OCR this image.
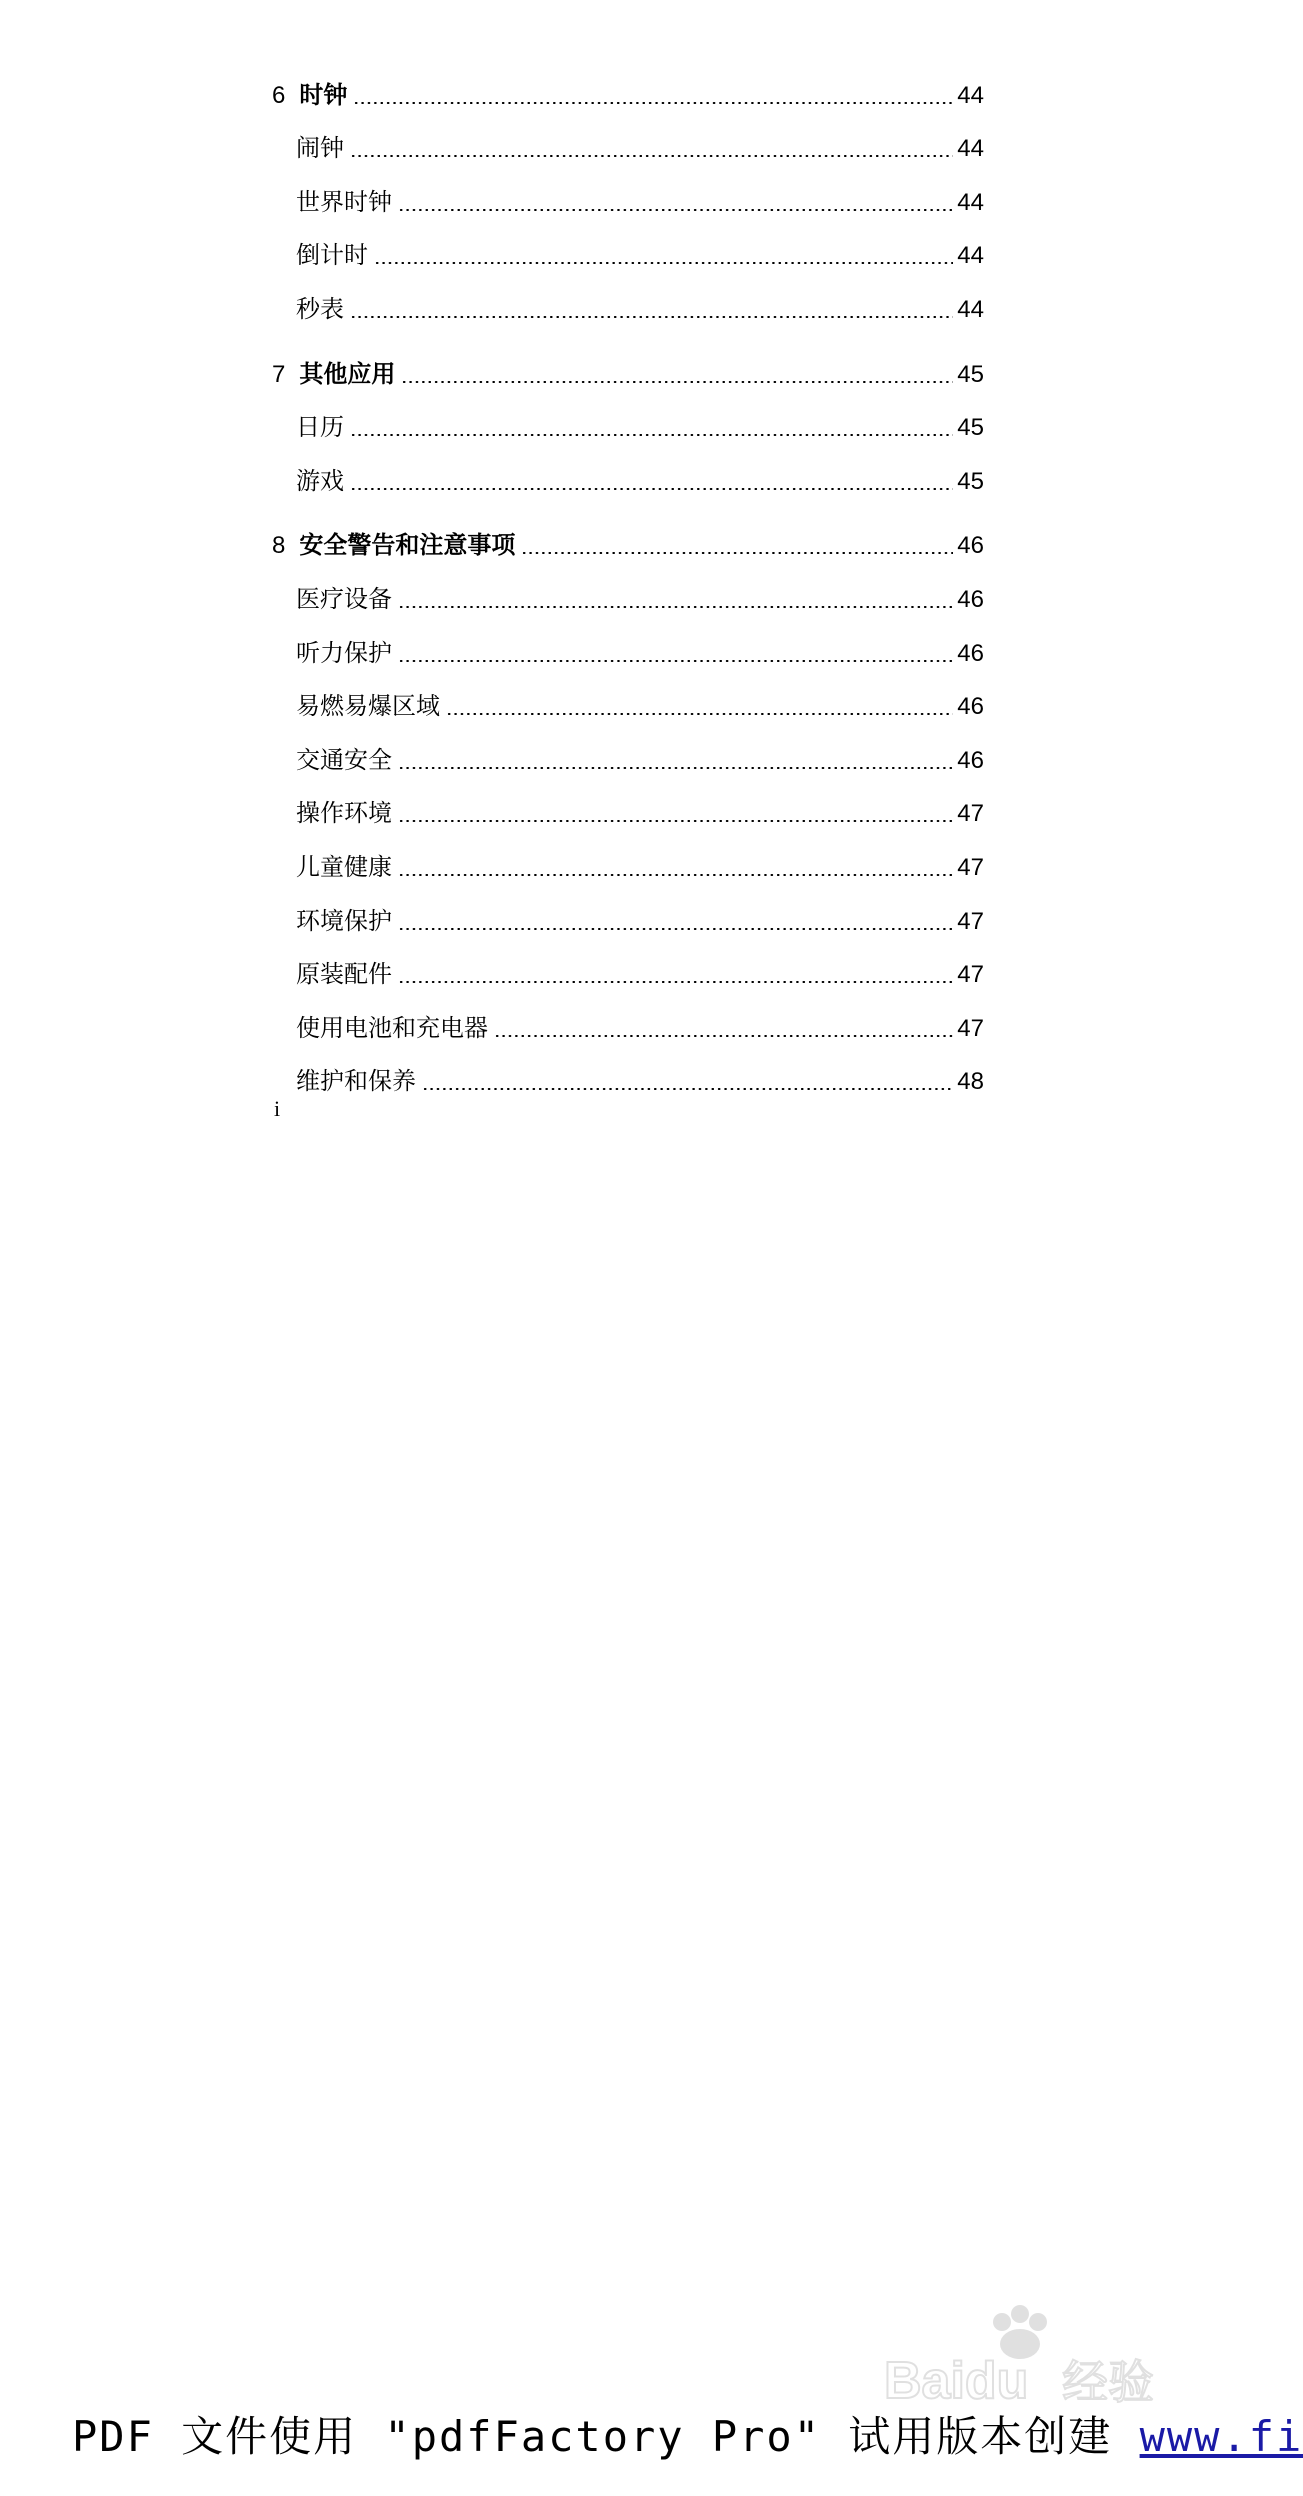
6 时钟	44
闹钟	44
世界时钟	44
倒计时	44
秒表	44
7 其他应用	45
日历	45
游戏	45
8 安全警告和注意事项	46
医疗设备	46
听力保护	46
易燃易爆区域	46
交通安全	46
操作环境	47
儿童健康	47
环境保护	47
原装配件	47
使用电池和充电器	47
维护和保养	48
i
Baidu 经验
PDF 文件使用 "pdfFactory Pro" 试用版本创建 www.fi
